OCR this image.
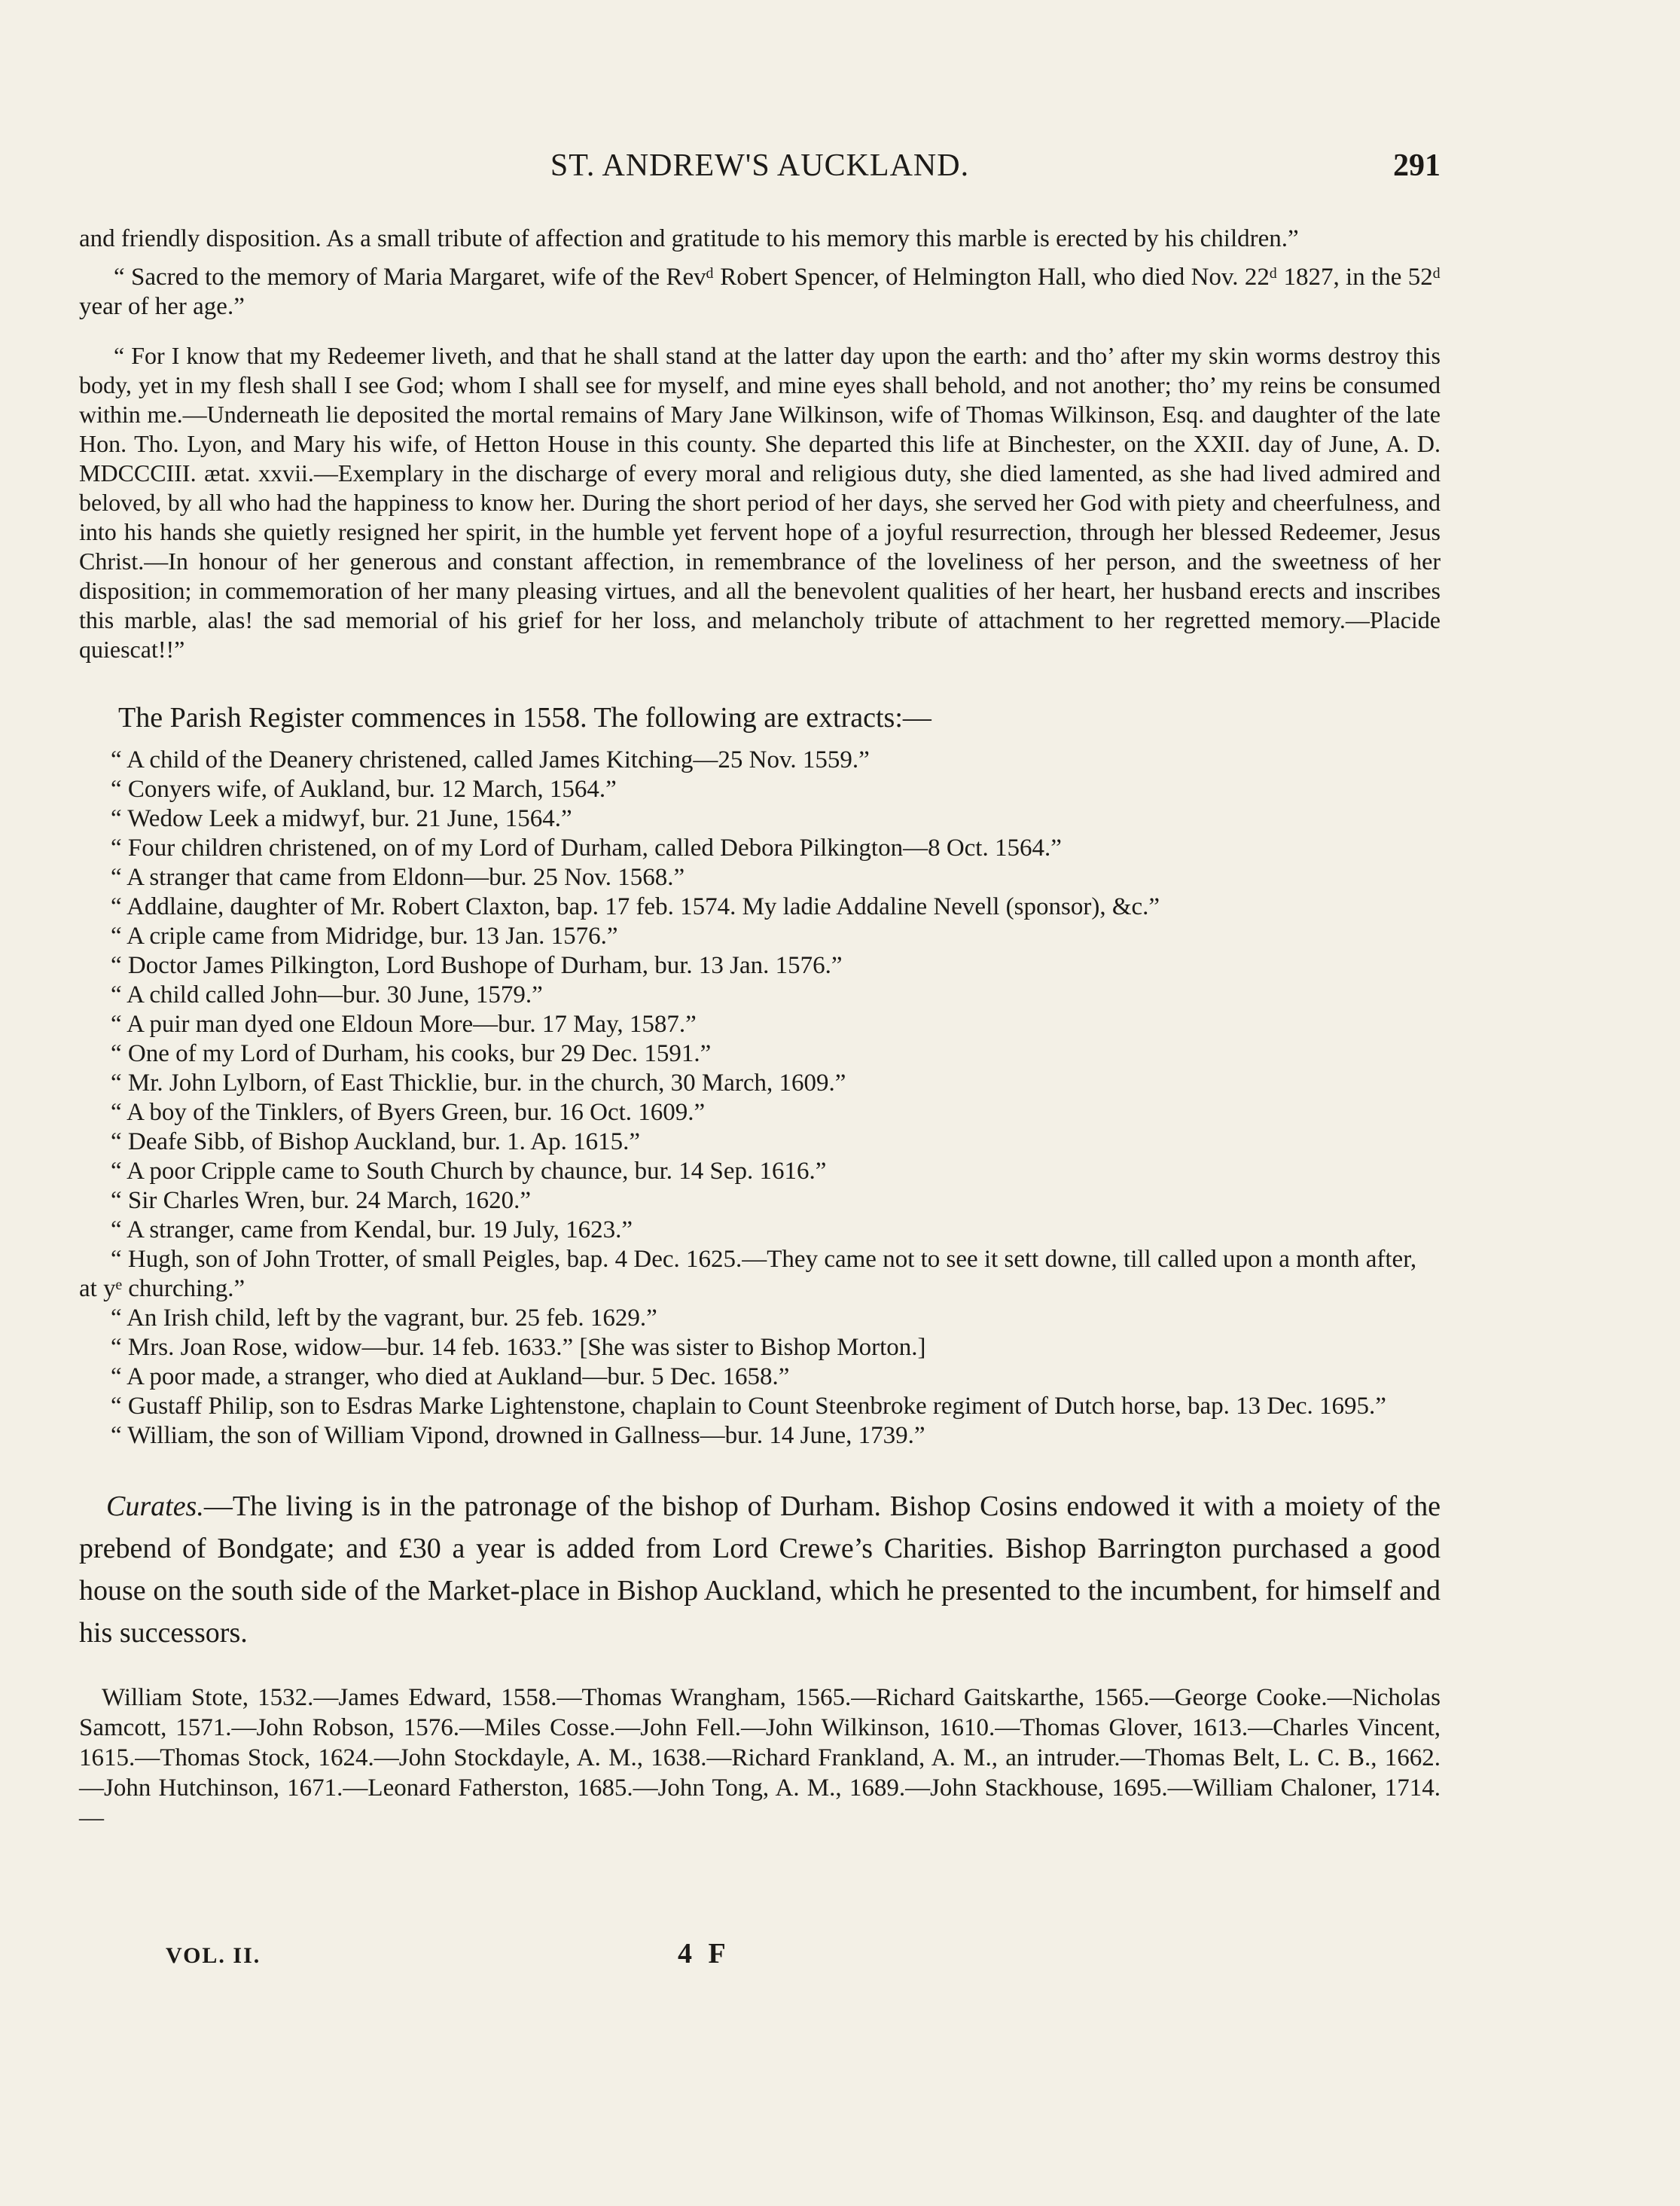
ST. ANDREW'S AUCKLAND.	291

and friendly disposition. As a small tribute of affection and gratitude to his memory this marble is erected by his children.”

“ Sacred to the memory of Maria Margaret, wife of the Revᵈ Robert Spencer, of Helmington Hall, who died Nov. 22ᵈ 1827, in the 52ᵈ year of her age.”

“ For I know that my Redeemer liveth, and that he shall stand at the latter day upon the earth: and tho’ after my skin worms destroy this body, yet in my flesh shall I see God; whom I shall see for myself, and mine eyes shall behold, and not another; tho’ my reins be consumed within me.—Underneath lie deposited the mortal remains of Mary Jane Wilkinson, wife of Thomas Wilkinson, Esq. and daughter of the late Hon. Tho. Lyon, and Mary his wife, of Hetton House in this county. She departed this life at Binchester, on the XXII. day of June, A. D. MDCCCIII. ætat. xxvii.—Exemplary in the discharge of every moral and religious duty, she died lamented, as she had lived admired and beloved, by all who had the happiness to know her. During the short period of her days, she served her God with piety and cheerfulness, and into his hands she quietly resigned her spirit, in the humble yet fervent hope of a joyful resurrection, through her blessed Redeemer, Jesus Christ.—In honour of her generous and constant affection, in remembrance of the loveliness of her person, and the sweetness of her disposition; in commemoration of her many pleasing virtues, and all the benevolent qualities of her heart, her husband erects and inscribes this marble, alas! the sad memorial of his grief for her loss, and melancholy tribute of attachment to her regretted memory.—Placide quiescat!!”

The Parish Register commences in 1558. The following are extracts:—

“ A child of the Deanery christened, called James Kitching—25 Nov. 1559.”
“ Conyers wife, of Aukland, bur. 12 March, 1564.”
“ Wedow Leek a midwyf, bur. 21 June, 1564.”
“ Four children christened, on of my Lord of Durham, called Debora Pilkington—8 Oct. 1564.”
“ A stranger that came from Eldonn—bur. 25 Nov. 1568.”
“ Addlaine, daughter of Mr. Robert Claxton, bap. 17 feb. 1574. My ladie Addaline Nevell (sponsor), &c.”
“ A criple came from Midridge, bur. 13 Jan. 1576.”
“ Doctor James Pilkington, Lord Bushope of Durham, bur. 13 Jan. 1576.”
“ A child called John—bur. 30 June, 1579.”
“ A puir man dyed one Eldoun More—bur. 17 May, 1587.”
“ One of my Lord of Durham, his cooks, bur 29 Dec. 1591.”
“ Mr. John Lylborn, of East Thicklie, bur. in the church, 30 March, 1609.”
“ A boy of the Tinklers, of Byers Green, bur. 16 Oct. 1609.”
“ Deafe Sibb, of Bishop Auckland, bur. 1. Ap. 1615.”
“ A poor Cripple came to South Church by chaunce, bur. 14 Sep. 1616.”
“ Sir Charles Wren, bur. 24 March, 1620.”
“ A stranger, came from Kendal, bur. 19 July, 1623.”
“ Hugh, son of John Trotter, of small Peigles, bap. 4 Dec. 1625.—They came not to see it sett downe, till called upon a month after, at yᵉ churching.”
“ An Irish child, left by the vagrant, bur. 25 feb. 1629.”
“ Mrs. Joan Rose, widow—bur. 14 feb. 1633.” [She was sister to Bishop Morton.]
“ A poor made, a stranger, who died at Aukland—bur. 5 Dec. 1658.”
“ Gustaff Philip, son to Esdras Marke Lightenstone, chaplain to Count Steenbroke regiment of Dutch horse, bap. 13 Dec. 1695.”
“ William, the son of William Vipond, drowned in Gallness—bur. 14 June, 1739.”

Curates.—The living is in the patronage of the bishop of Durham. Bishop Cosins endowed it with a moiety of the prebend of Bondgate; and £30 a year is added from Lord Crewe’s Charities. Bishop Barrington purchased a good house on the south side of the Market-place in Bishop Auckland, which he presented to the incumbent, for himself and his successors.

William Stote, 1532.—James Edward, 1558.—Thomas Wrangham, 1565.—Richard Gaitskarthe, 1565.—George Cooke.—Nicholas Samcott, 1571.—John Robson, 1576.—Miles Cosse.—John Fell.—John Wilkinson, 1610.—Thomas Glover, 1613.—Charles Vincent, 1615.—Thomas Stock, 1624.—John Stockdayle, A. M., 1638.—Richard Frankland, A. M., an intruder.—Thomas Belt, L. C. B., 1662.—John Hutchinson, 1671.—Leonard Fatherston, 1685.—John Tong, A. M., 1689.—John Stackhouse, 1695.—William Chaloner, 1714.—

VOL. II.	4 F
